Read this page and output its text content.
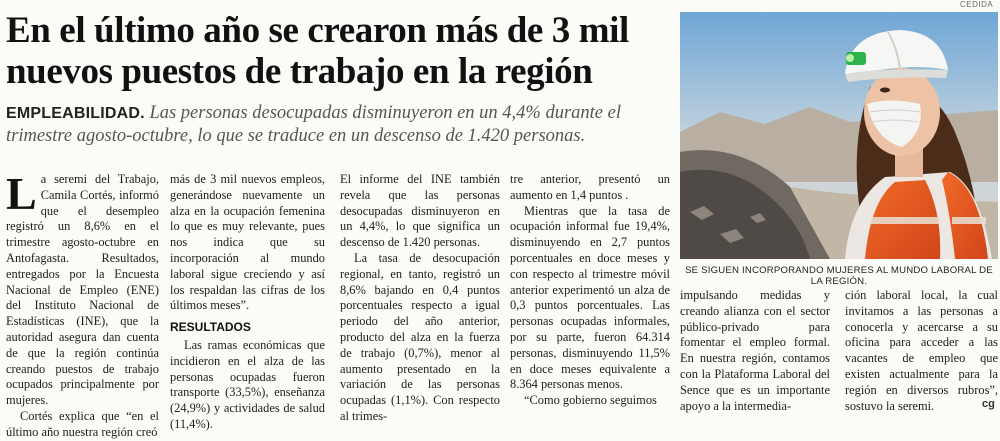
En el último año se crearon más de 3 mil nuevos puestos de trabajo en la región
EMPLEABILIDAD. Las personas desocupadas disminuyeron en un 4,4% durante el trimestre agosto-octubre, lo que se traduce en un descenso de 1.420 personas.

La seremi del Trabajo, Camila Cortés, informó que el desempleo registró un 8,6% en el trimestre agosto-octubre en Antofagasta. Resultados, entregados por la Encuesta Nacional de Empleo (ENE) del Instituto Nacional de Estadísticas (INE), que la autoridad asegura dan cuenta de que la región continúa creando puestos de trabajo ocupados principalmente por mujeres.

Cortés explica que “en el último año nuestra región creó

más de 3 mil nuevos empleos, generándose nuevamente un alza en la ocupación femenina lo que es muy relevante, pues nos indica que su incorporación al mundo laboral sigue creciendo y así los respaldan las cifras de los últimos meses”.

RESULTADOS

Las ramas económicas que incidieron en el alza de las personas ocupadas fueron transporte (33,5%), enseñanza (24,9%) y actividades de salud (11,4%).

El informe del INE también revela que las personas desocupadas disminuyeron en un 4,4%, lo que significa un descenso de 1.420 personas.

La tasa de desocupación regional, en tanto, registró un 8,6% bajando en 0,4 puntos porcentuales respecto a igual periodo del año anterior, producto del alza en la fuerza de trabajo (0,7%), menor al aumento presentado en la variación de las personas ocupadas (1,1%). Con respecto al trimes-

tre anterior, presentó un aumento en 1,4 puntos .

Mientras que la tasa de ocupación informal fue 19,4%, disminuyendo en 2,7 puntos porcentuales en doce meses y con respecto al trimestre móvil anterior experimentó un alza de 0,3 puntos porcentuales. Las personas ocupadas informales, por su parte, fueron 64.314 personas, disminuyendo 11,5% en doce meses equivalente a 8.364 personas menos.

“Como gobierno seguimos

impulsando medidas y creando alianza con el sector público-privado para fomentar el empleo formal. En nuestra región, contamos con la Plataforma Laboral del Sence que es un importante apoyo a la intermedia-

ción laboral local, la cual invitamos a las personas a conocerla y acercarse a su oficina para acceder a las vacantes de empleo que existen actualmente para la región en diversos rubros”, sostuvo la seremi.

CEDIDA
SE SIGUEN INCORPORANDO MUJERES AL MUNDO LABORAL DE LA REGIÓN.
cg
